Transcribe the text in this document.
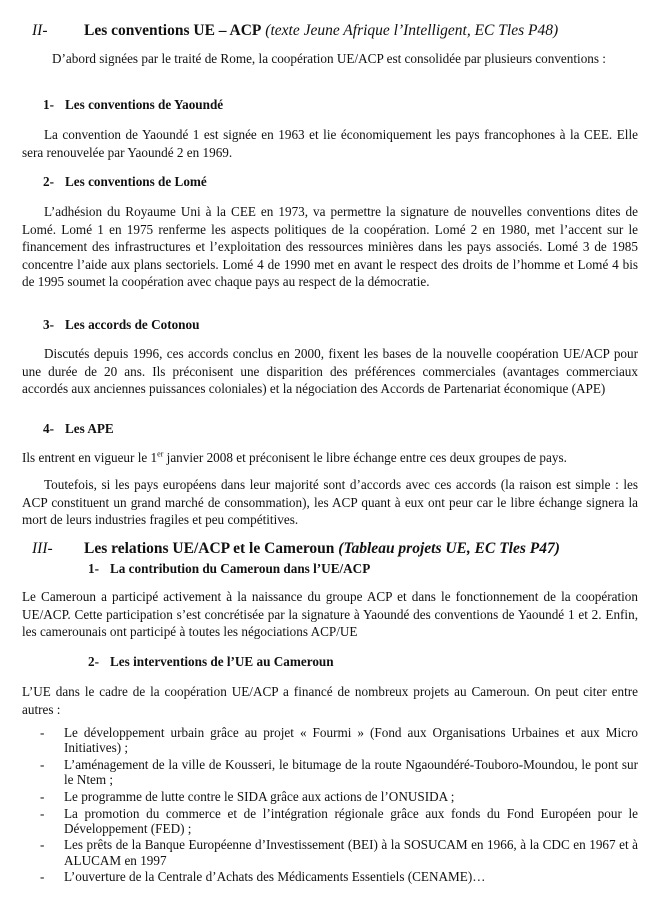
II- Les conventions UE – ACP (texte Jeune Afrique l’Intelligent, EC Tles P48)

D’abord signées par le traité de Rome, la coopération UE/ACP est consolidée par plusieurs conventions :

1- Les conventions de Yaoundé

La convention de Yaoundé 1 est signée en 1963 et lie économiquement les pays francophones à la CEE. Elle sera renouvelée par Yaoundé 2 en 1969.

2- Les conventions de Lomé

L’adhésion du Royaume Uni à la CEE en 1973, va permettre la signature de nouvelles conventions dites de Lomé. Lomé 1 en 1975 renferme les aspects politiques de la coopération. Lomé 2 en 1980, met l’accent sur le financement des infrastructures et l’exploitation des ressources minières dans les pays associés. Lomé 3 de 1985 concentre l’aide aux plans sectoriels. Lomé 4 de 1990 met en avant le respect des droits de l’homme et Lomé 4 bis de 1995 soumet la coopération avec chaque pays au respect de la démocratie.

3- Les accords de Cotonou

Discutés depuis 1996, ces accords conclus en 2000, fixent les bases de la nouvelle coopération UE/ACP pour une durée de 20 ans. Ils préconisent une disparition des préférences commerciales (avantages commerciaux accordés aux anciennes puissances coloniales) et la négociation des Accords de Partenariat économique (APE)

4- Les APE

Ils entrent en vigueur le 1er janvier 2008 et préconisent le libre échange entre ces deux groupes de pays.

Toutefois, si les pays européens dans leur majorité sont d’accords avec ces accords (la raison est simple : les ACP constituent un grand marché de consommation), les ACP quant à eux ont peur car le libre échange signera la mort de leurs industries fragiles et peu compétitives.

III- Les relations UE/ACP et le Cameroun (Tableau projets UE, EC Tles P47)
1- La contribution du Cameroun dans l’UE/ACP

Le Cameroun a participé activement à la naissance du groupe ACP et dans le fonctionnement de la coopération UE/ACP. Cette participation s’est concrétisée par la signature à Yaoundé des conventions de Yaoundé 1 et 2. Enfin, les camerounais ont participé à toutes les négociations ACP/UE

2- Les interventions de l’UE au Cameroun

L’UE dans le cadre de la coopération UE/ACP a financé de nombreux projets au Cameroun. On peut citer entre autres :

- Le développement urbain grâce au projet « Fourmi » (Fond aux Organisations Urbaines et aux Micro Initiatives) ;
- L’aménagement de la ville de Kousseri, le bitumage de la route Ngaoundéré-Touboro-Moundou, le pont sur le Ntem ;
- Le programme de lutte contre le SIDA grâce aux actions de l’ONUSIDA ;
- La promotion du commerce et de l’intégration régionale grâce aux fonds du Fond Européen pour le Développement (FED) ;
- Les prêts de la Banque Européenne d’Investissement (BEI) à la SOSUCAM en 1966, à la CDC en 1967 et à ALUCAM en 1997
- L’ouverture de la Centrale d’Achats des Médicaments Essentiels (CENAME)…
